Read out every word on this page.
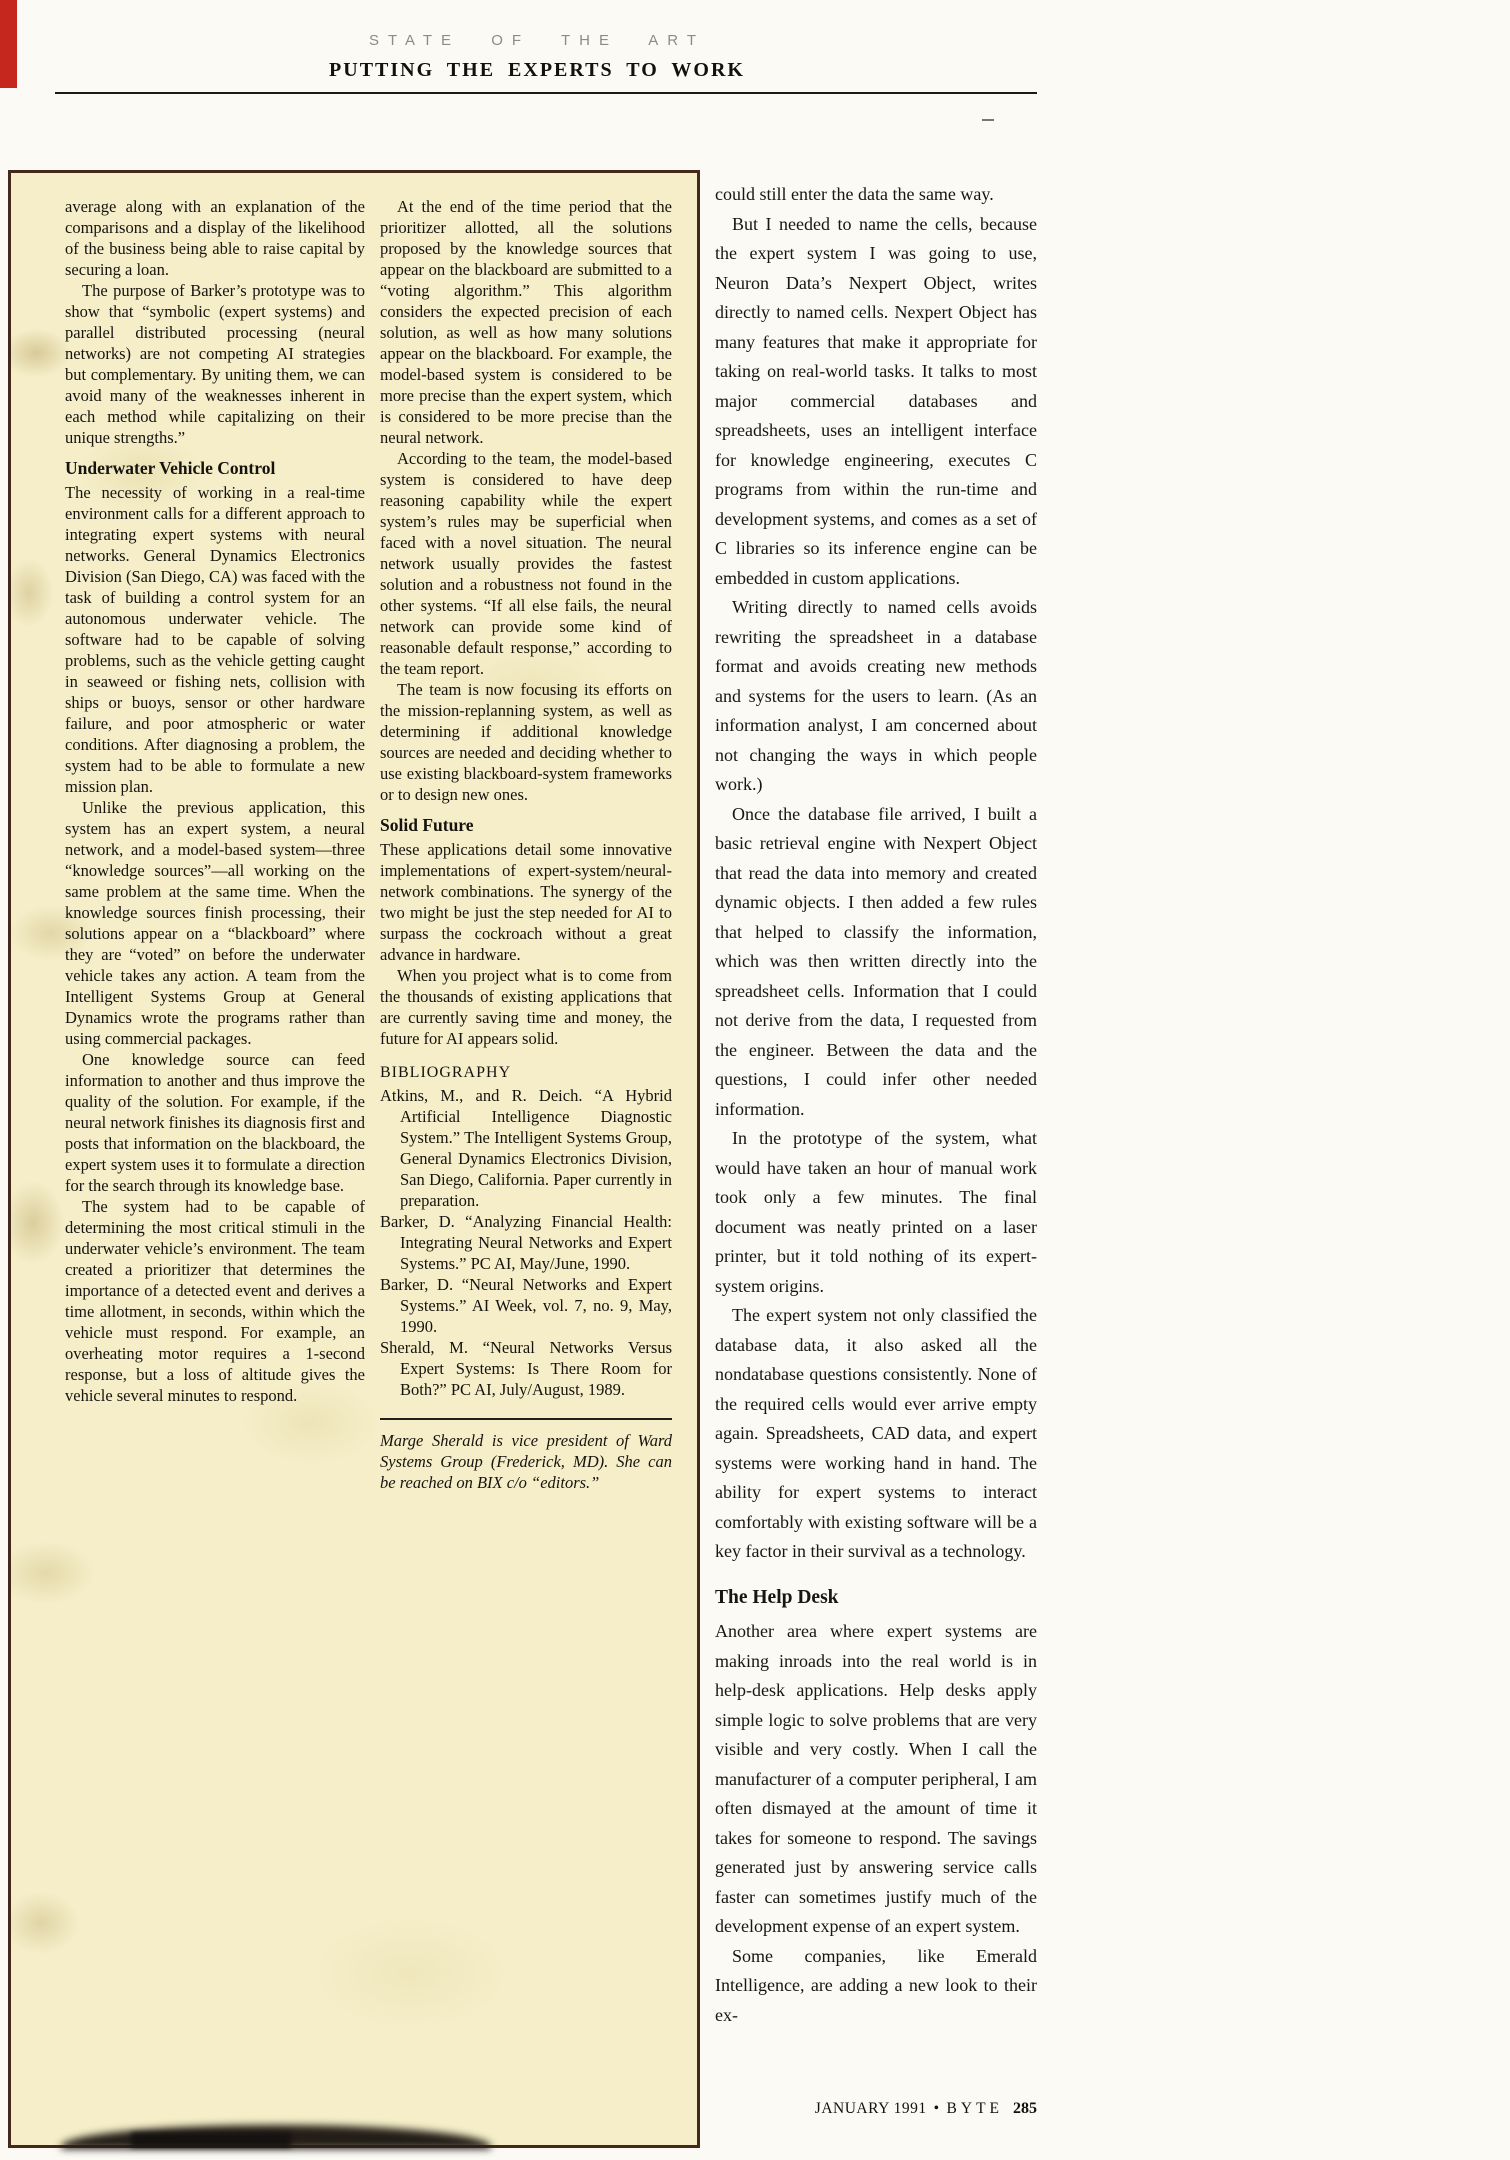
STATE OF THE ART
PUTTING THE EXPERTS TO WORK

average along with an explanation of the comparisons and a display of the likelihood of the business being able to raise capital by securing a loan.

The purpose of Barker’s prototype was to show that “symbolic (expert systems) and parallel distributed processing (neural networks) are not competing AI strategies but complementary. By uniting them, we can avoid many of the weaknesses inherent in each method while capitalizing on their unique strengths.”

Underwater Vehicle Control

The necessity of working in a real-time environment calls for a different approach to integrating expert systems with neural networks. General Dynamics Electronics Division (San Diego, CA) was faced with the task of building a control system for an autonomous underwater vehicle. The software had to be capable of solving problems, such as the vehicle getting caught in seaweed or fishing nets, collision with ships or buoys, sensor or other hardware failure, and poor atmospheric or water conditions. After diagnosing a problem, the system had to be able to formulate a new mission plan.

Unlike the previous application, this system has an expert system, a neural network, and a model-based system—three “knowledge sources”—all working on the same problem at the same time. When the knowledge sources finish processing, their solutions appear on a “blackboard” where they are “voted” on before the underwater vehicle takes any action. A team from the Intelligent Systems Group at General Dynamics wrote the programs rather than using commercial packages.

One knowledge source can feed information to another and thus improve the quality of the solution. For example, if the neural network finishes its diagnosis first and posts that information on the blackboard, the expert system uses it to formulate a direction for the search through its knowledge base.

The system had to be capable of determining the most critical stimuli in the underwater vehicle’s environment. The team created a prioritizer that determines the importance of a detected event and derives a time allotment, in seconds, within which the vehicle must respond. For example, an overheating motor requires a 1-second response, but a loss of altitude gives the vehicle several minutes to respond.

At the end of the time period that the prioritizer allotted, all the solutions proposed by the knowledge sources that appear on the blackboard are submitted to a “voting algorithm.” This algorithm considers the expected precision of each solution, as well as how many solutions appear on the blackboard. For example, the model-based system is considered to be more precise than the expert system, which is considered to be more precise than the neural network.

According to the team, the model-based system is considered to have deep reasoning capability while the expert system’s rules may be superficial when faced with a novel situation. The neural network usually provides the fastest solution and a robustness not found in the other systems. “If all else fails, the neural network can provide some kind of reasonable default response,” according to the team report.

The team is now focusing its efforts on the mission-replanning system, as well as determining if additional knowledge sources are needed and deciding whether to use existing blackboard-system frameworks or to design new ones.

Solid Future

These applications detail some innovative implementations of expert-system/neural-network combinations. The synergy of the two might be just the step needed for AI to surpass the cockroach without a great advance in hardware.

When you project what is to come from the thousands of existing applications that are currently saving time and money, the future for AI appears solid.

BIBLIOGRAPHY

Atkins, M., and R. Deich. “A Hybrid Artificial Intelligence Diagnostic System.” The Intelligent Systems Group, General Dynamics Electronics Division, San Diego, California. Paper currently in preparation.

Barker, D. “Analyzing Financial Health: Integrating Neural Networks and Expert Systems.” PC AI, May/June, 1990.

Barker, D. “Neural Networks and Expert Systems.” AI Week, vol. 7, no. 9, May, 1990.

Sherald, M. “Neural Networks Versus Expert Systems: Is There Room for Both?” PC AI, July/August, 1989.

Marge Sherald is vice president of Ward Systems Group (Frederick, MD). She can be reached on BIX c/o “editors.”

could still enter the data the same way.

But I needed to name the cells, because the expert system I was going to use, Neuron Data’s Nexpert Object, writes directly to named cells. Nexpert Object has many features that make it appropriate for taking on real-world tasks. It talks to most major commercial databases and spreadsheets, uses an intelligent interface for knowledge engineering, executes C programs from within the run-time and development systems, and comes as a set of C libraries so its inference engine can be embedded in custom applications.

Writing directly to named cells avoids rewriting the spreadsheet in a database format and avoids creating new methods and systems for the users to learn. (As an information analyst, I am concerned about not changing the ways in which people work.)

Once the database file arrived, I built a basic retrieval engine with Nexpert Object that read the data into memory and created dynamic objects. I then added a few rules that helped to classify the information, which was then written directly into the spreadsheet cells. Information that I could not derive from the data, I requested from the engineer. Between the data and the questions, I could infer other needed information.

In the prototype of the system, what would have taken an hour of manual work took only a few minutes. The final document was neatly printed on a laser printer, but it told nothing of its expert-system origins.

The expert system not only classified the database data, it also asked all the nondatabase questions consistently. None of the required cells would ever arrive empty again. Spreadsheets, CAD data, and expert systems were working hand in hand. The ability for expert systems to interact comfortably with existing software will be a key factor in their survival as a technology.

The Help Desk

Another area where expert systems are making inroads into the real world is in help-desk applications. Help desks apply simple logic to solve problems that are very visible and very costly. When I call the manufacturer of a computer peripheral, I am often dismayed at the amount of time it takes for someone to respond. The savings generated just by answering service calls faster can sometimes justify much of the development expense of an expert system.

Some companies, like Emerald Intelligence, are adding a new look to their ex-

JANUARY 1991 • BYTE 285
